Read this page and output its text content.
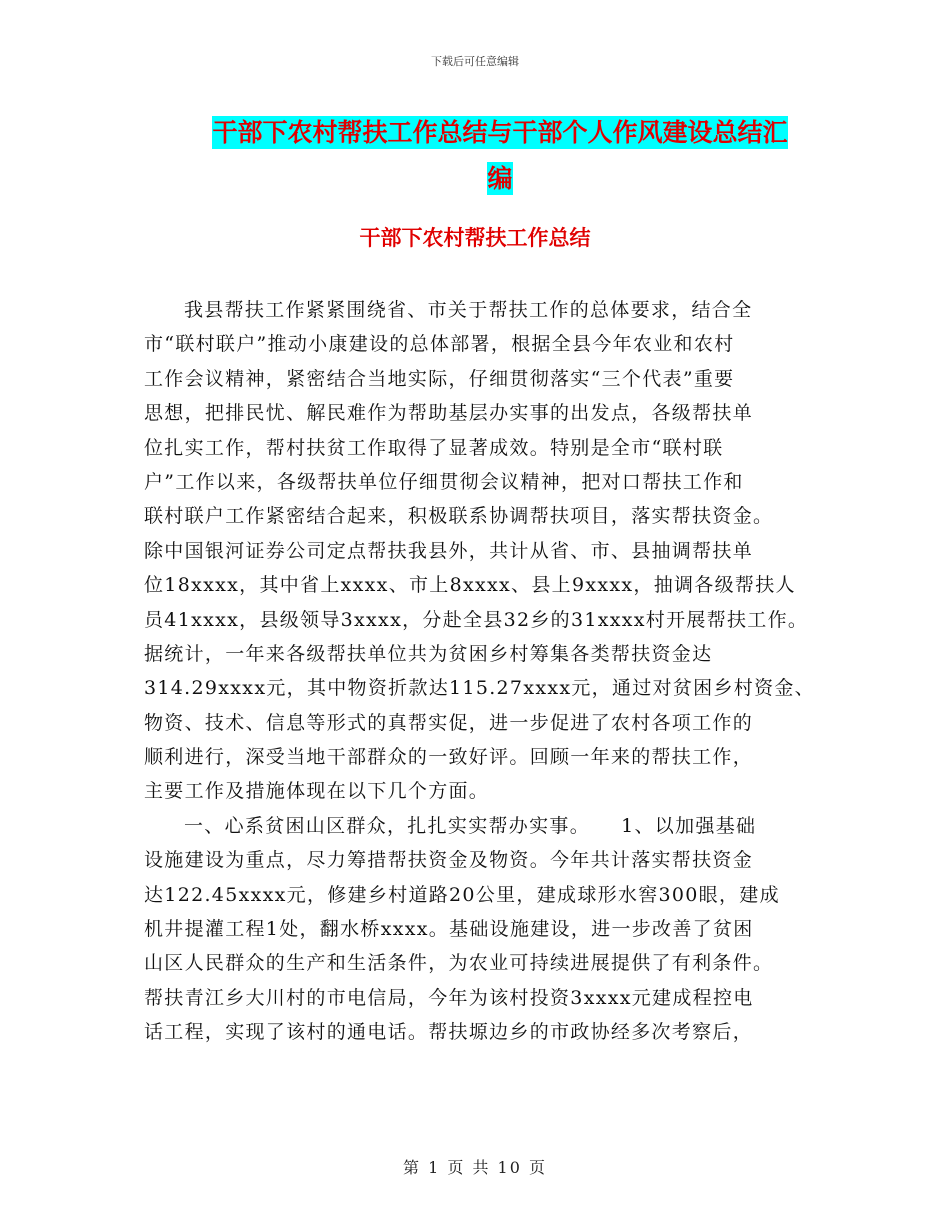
下载后可任意编辑
干部下农村帮扶工作总结与干部个人作风建设总结汇
编
干部下农村帮扶工作总结
我县帮扶工作紧紧围绕省、市关于帮扶工作的总体要求，结合全
市“联村联户”推动小康建设的总体部署，根据全县今年农业和农村
工作会议精神，紧密结合当地实际，仔细贯彻落实“三个代表”重要
思想，把排民忧、解民难作为帮助基层办实事的出发点，各级帮扶单
位扎实工作，帮村扶贫工作取得了显著成效。特别是全市“联村联
户”工作以来，各级帮扶单位仔细贯彻会议精神，把对口帮扶工作和
联村联户工作紧密结合起来，积极联系协调帮扶项目，落实帮扶资金。
除中国银河证券公司定点帮扶我县外，共计从省、市、县抽调帮扶单
位18xxxx，其中省上xxxx、市上8xxxx、县上9xxxx，抽调各级帮扶人
员41xxxx，县级领导3xxxx，分赴全县32乡的31xxxx村开展帮扶工作。
据统计，一年来各级帮扶单位共为贫困乡村筹集各类帮扶资金达
314.29xxxx元，其中物资折款达115.27xxxx元，通过对贫困乡村资金、
物资、技术、信息等形式的真帮实促，进一步促进了农村各项工作的
顺利进行，深受当地干部群众的一致好评。回顾一年来的帮扶工作，
主要工作及措施体现在以下几个方面。
一、心系贫困山区群众，扎扎实实帮办实事。　　1、以加强基础
设施建设为重点，尽力筹措帮扶资金及物资。今年共计落实帮扶资金
达122.45xxxx元，修建乡村道路20公里，建成球形水窖300眼，建成
机井提灌工程1处，翻水桥xxxx。基础设施建设，进一步改善了贫困
山区人民群众的生产和生活条件，为农业可持续进展提供了有利条件。
帮扶青江乡大川村的市电信局，今年为该村投资3xxxx元建成程控电
话工程，实现了该村的通电话。帮扶塬边乡的市政协经多次考察后，
第 1 页 共 10 页
